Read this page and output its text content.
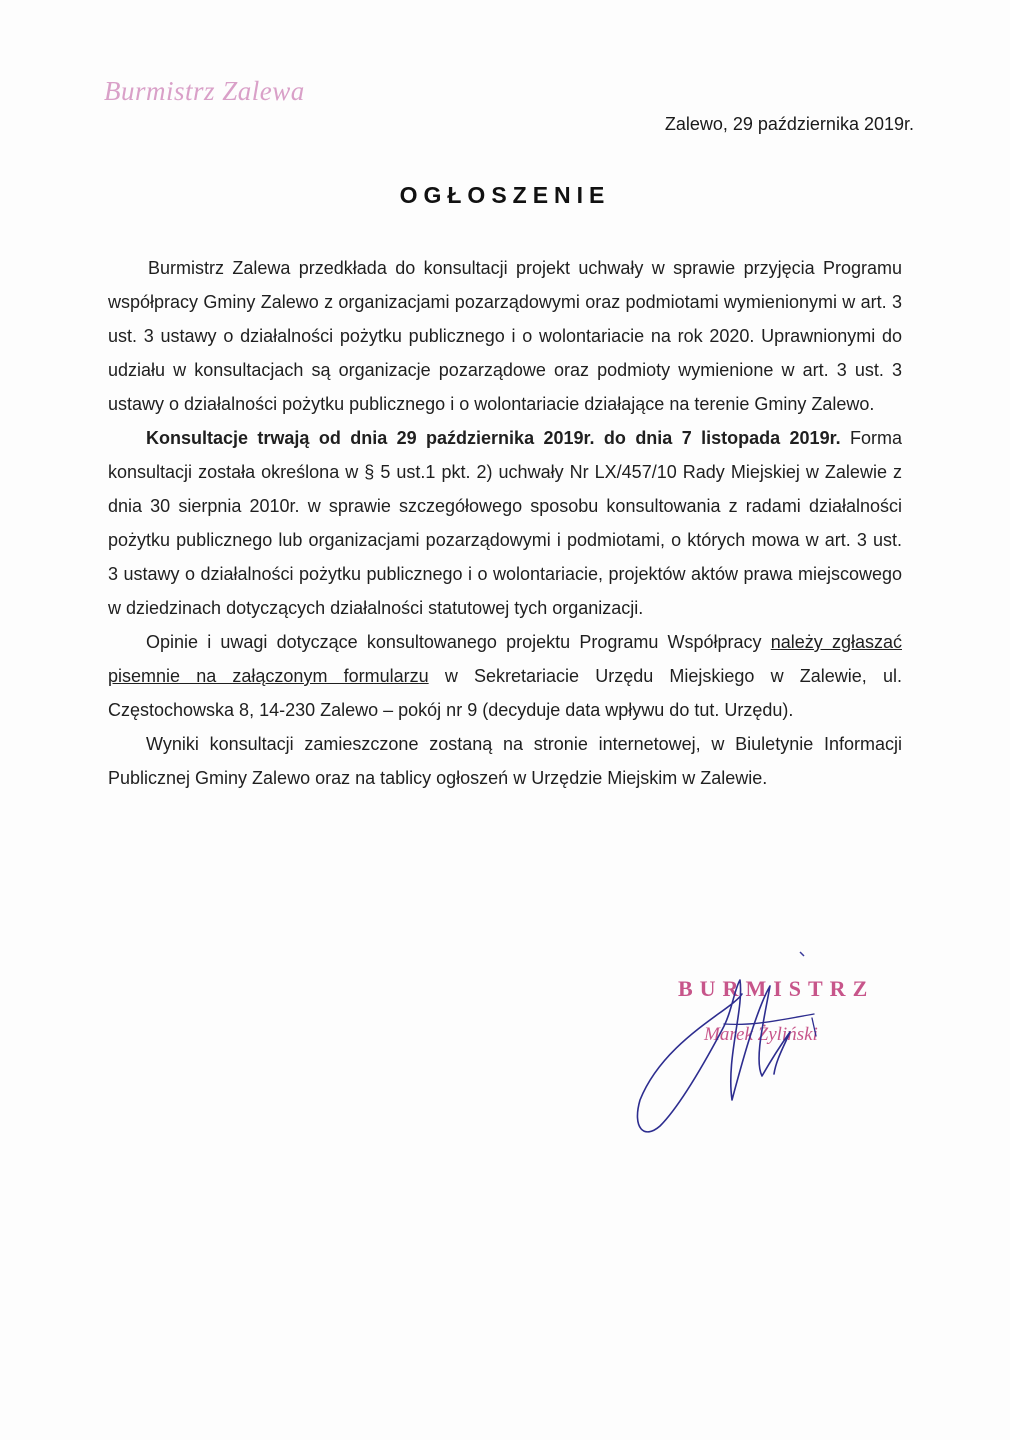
Burmistrz Zalewa
Zalewo, 29 października 2019r.
OGŁOSZENIE

Burmistrz Zalewa przedkłada do konsultacji projekt uchwały w sprawie przyjęcia Programu współpracy Gminy Zalewo z organizacjami pozarządowymi oraz podmiotami wymienionymi w art. 3 ust. 3 ustawy o działalności pożytku publicznego i o wolontariacie na rok 2020. Uprawnionymi do udziału w konsultacjach są organizacje pozarządowe oraz podmioty wymienione w art. 3 ust. 3 ustawy o działalności pożytku publicznego i o wolontariacie działające na terenie Gminy Zalewo.

Konsultacje trwają od dnia 29 października 2019r. do dnia 7 listopada 2019r. Forma konsultacji została określona w § 5 ust.1 pkt. 2) uchwały Nr LX/457/10 Rady Miejskiej w Zalewie z dnia 30 sierpnia 2010r. w sprawie szczegółowego sposobu konsultowania z radami działalności pożytku publicznego lub organizacjami pozarządowymi i podmiotami, o których mowa w art. 3 ust. 3 ustawy o działalności pożytku publicznego i o wolontariacie, projektów aktów prawa miejscowego w dziedzinach dotyczących działalności statutowej tych organizacji.

Opinie i uwagi dotyczące konsultowanego projektu Programu Współpracy należy zgłaszać pisemnie na załączonym formularzu w Sekretariacie Urzędu Miejskiego w Zalewie, ul. Częstochowska 8, 14-230 Zalewo – pokój nr 9 (decyduje data wpływu do tut. Urzędu).

Wyniki konsultacji zamieszczone zostaną na stronie internetowej, w Biuletynie Informacji Publicznej Gminy Zalewo oraz na tablicy ogłoszeń w Urzędzie Miejskim w Zalewie.

BURMISTRZ
Marek Żyliński
